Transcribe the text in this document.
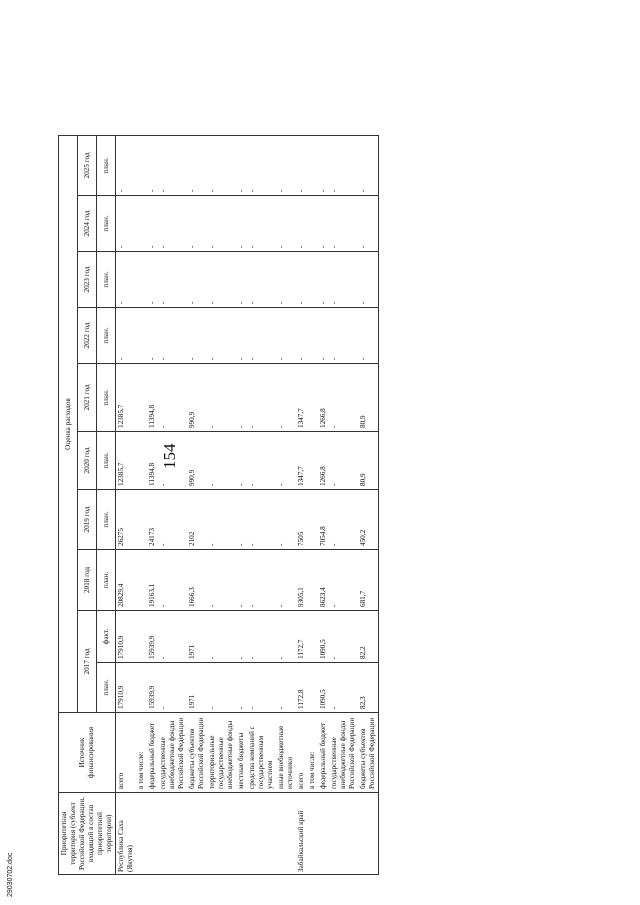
154
Приоритетная территория (субъект Российской Федерации, входящий в состав приоритетной территории)	Источник финансирования	Оценка расходов									
		2017 год		2018 год	2019 год	2020 год	2021 год	2022 год	2023 год	2024 год	2025 год
		план.	факт.	план.	план.	план.	план.	план.	план.	план.	план.
Республика Саха (Якутия)	всего	17910,9	17910,9	20829,4	26275	12385,7	12385,7	-	-	-	-
	в том числе:										
	федеральный бюджет	15939,9	15939,9	19163,1	24173	11394,8	11394,8	-	-	-	-
	государственные внебюджетные фонды Российской Федерации	-	-	-	-	-	-	-	-	-	-
	бюджеты субъектов Российской Федерации	1971	1971	1666,3	2102	990,9	990,9	-	-	-	-
	территориальные государственные внебюджетные фонды	-	-	-	-	-	-	-	-	-	-
	местные бюджеты	-	-	-	-	-	-	-	-	-	-
	средства компаний с государственным участием	-	-	-	-	-	-	-	-	-	-
	иные внебюджетные источники	-	-	-	-	-	-	-	-	-	-
Забайкальский край	всего	1172,8	1172,7	9305,1	7505	1347,7	1347,7	-	-	-	-
	в том числе:										
	федеральный бюджет	1090,5	1090,5	8623,4	7054,8	1266,8	1266,8	-	-	-	-
	государственные внебюджетные фонды Российской Федерации	-	-	-	-	-	-	-	-	-	-
	бюджеты субъектов Российской Федерации	82,3	82,2	681,7	450,2	80,9	80,9	-	-	-	-
29030702.doc
